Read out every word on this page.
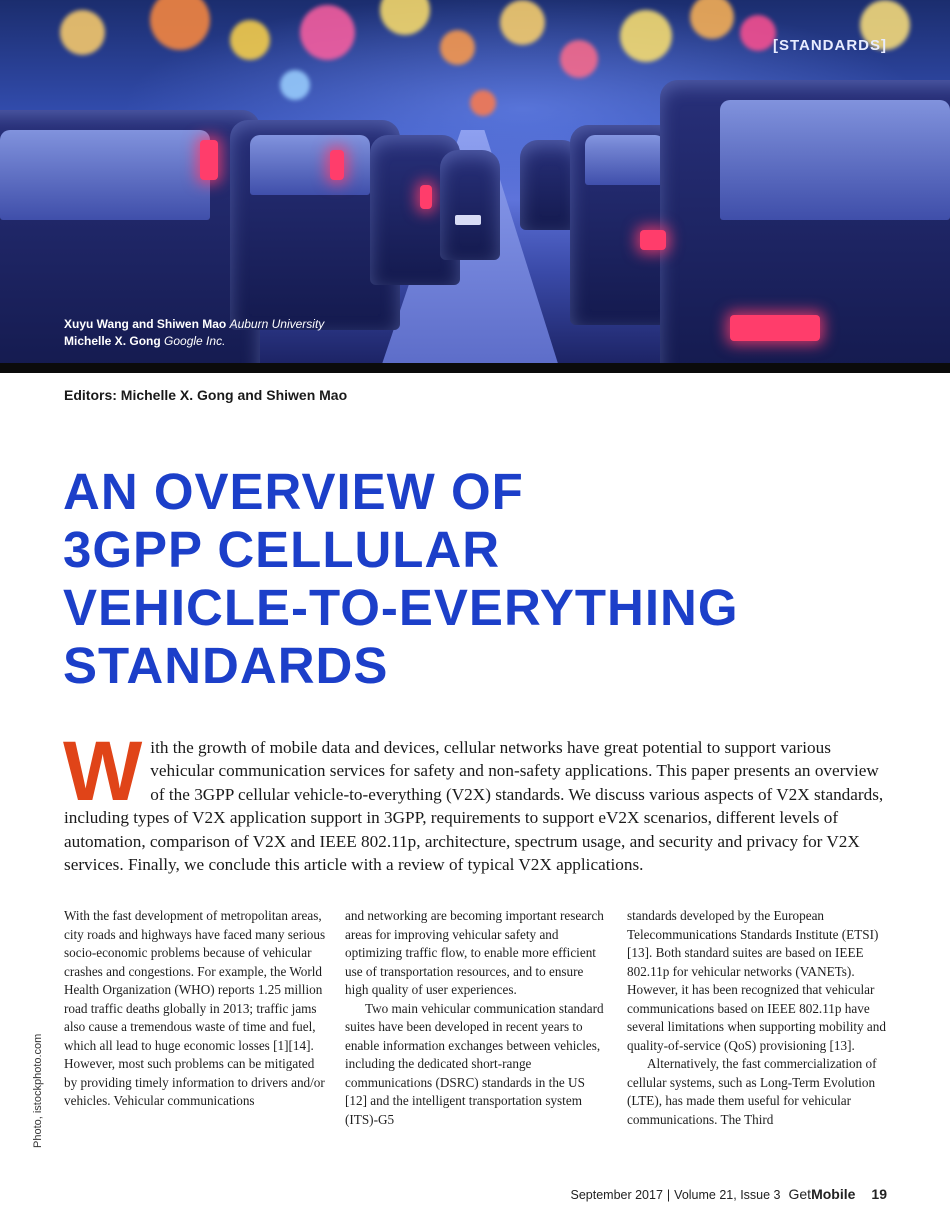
[STANDARDS]
Xuyu Wang and Shiwen Mao Auburn University
Michelle X. Gong Google Inc.
Editors: Michelle X. Gong and Shiwen Mao
AN OVERVIEW OF
3GPP CELLULAR
VEHICLE-TO-EVERYTHING
STANDARDS
W ith the growth of mobile data and devices, cellular networks have great potential to support various vehicular communication services for safety and non-safety applications. This paper presents an overview of the 3GPP cellular vehicle-to-everything (V2X) standards. We discuss various aspects of V2X standards, including types of V2X application support in 3GPP, requirements to support eV2X scenarios, different levels of automation, comparison of V2X and IEEE 802.11p, architecture, spectrum usage, and security and privacy for V2X services. Finally, we conclude this article with a review of typical V2X applications.

With the fast development of metropolitan areas, city roads and highways have faced many serious socio-economic problems because of vehicular crashes and congestions. For example, the World Health Organization (WHO) reports 1.25 million road traffic deaths globally in 2013; traffic jams also cause a tremendous waste of time and fuel, which all lead to huge economic losses [1][14]. However, most such problems can be mitigated by providing timely information to drivers and/or vehicles. Vehicular communications

and networking are becoming important research areas for improving vehicular safety and optimizing traffic flow, to enable more efficient use of transportation resources, and to ensure high quality of user experiences.

Two main vehicular communication standard suites have been developed in recent years to enable information exchanges between vehicles, including the dedicated short-range communications (DSRC) standards in the US [12] and the intelligent transportation system (ITS)-G5

standards developed by the European Telecommunications Standards Institute (ETSI) [13]. Both standard suites are based on IEEE 802.11p for vehicular networks (VANETs). However, it has been recognized that vehicular communications based on IEEE 802.11p have several limitations when supporting mobility and quality-of-service (QoS) provisioning [13].

Alternatively, the fast commercialization of cellular systems, such as Long-Term Evolution (LTE), has made them useful for vehicular communications. The Third

Photo, istockphoto.com
September 2017 | Volume 21, Issue 3 Get Mobile 19
